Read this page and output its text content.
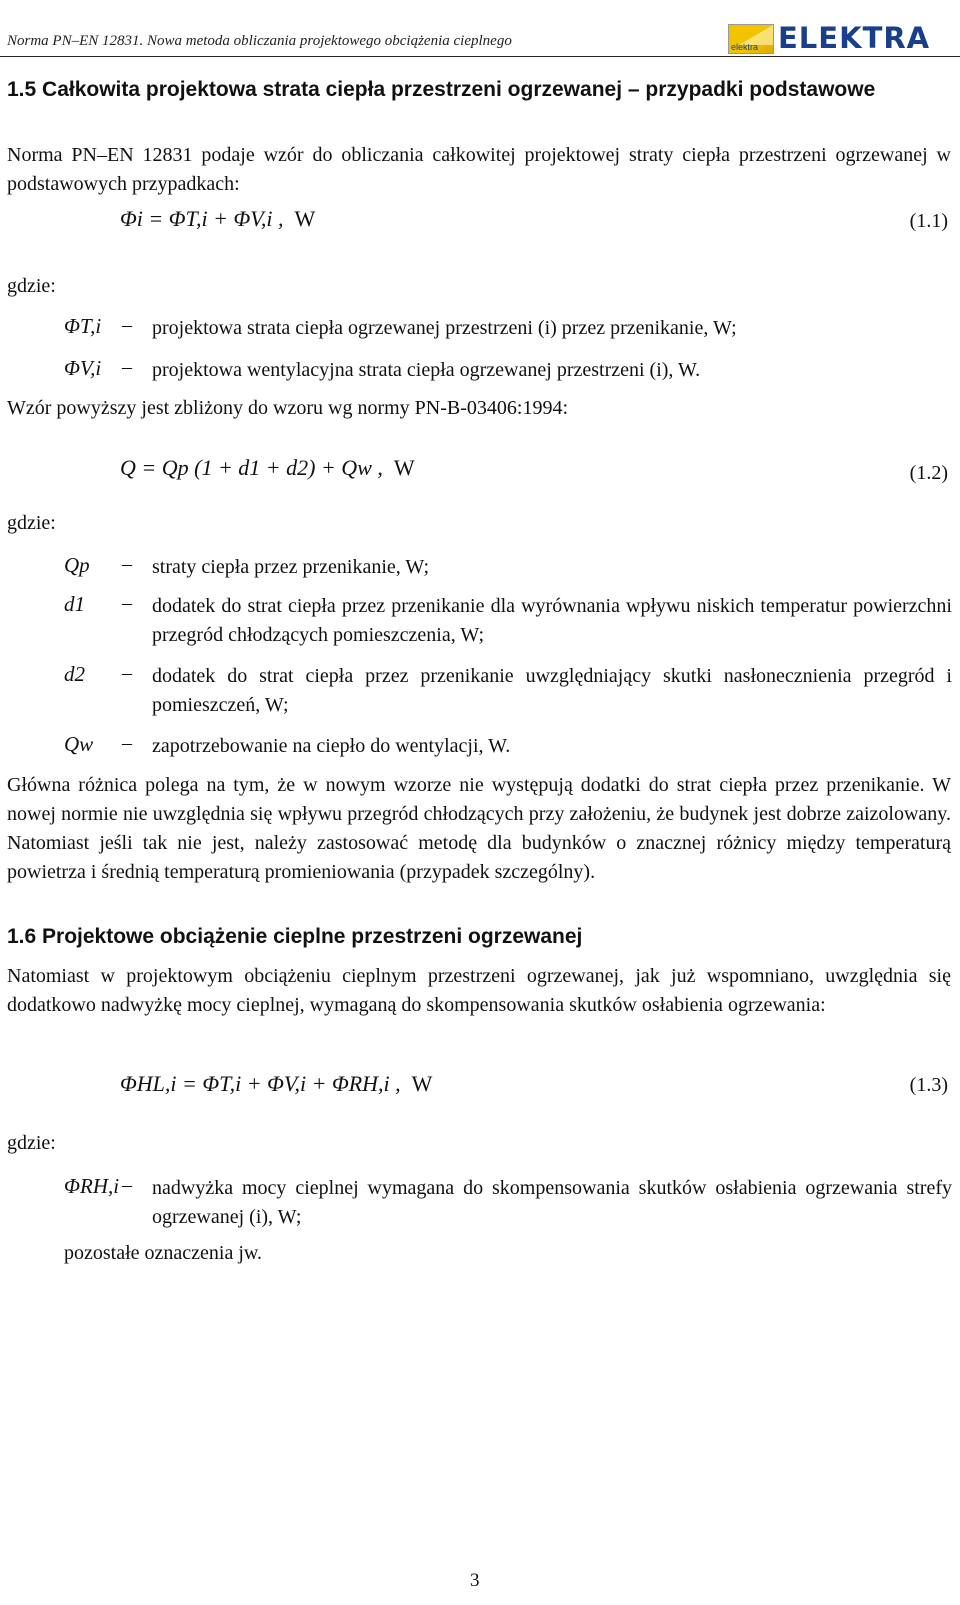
Norma PN–EN 12831. Nowa metoda obliczania projektowego obciążenia cieplnego	elektra ELEKTRA
1.5 Całkowita projektowa strata ciepła przestrzeni ogrzewanej – przypadki podstawowe
Norma PN–EN 12831 podaje wzór do obliczania całkowitej projektowej straty ciepła przestrzeni ogrzewanej w podstawowych przypadkach:
Φi = ΦT,i + ΦV,i , W	(1.1)
gdzie:
ΦT,i – projektowa strata ciepła ogrzewanej przestrzeni (i) przez przenikanie, W;
ΦV,i – projektowa wentylacyjna strata ciepła ogrzewanej przestrzeni (i), W.
Wzór powyższy jest zbliżony do wzoru wg normy PN-B-03406:1994:
Q = Qp (1 + d1 + d2) + Qw , W	(1.2)
gdzie:
Qp – straty ciepła przez przenikanie, W;
d1 – dodatek do strat ciepła przez przenikanie dla wyrównania wpływu niskich temperatur powierzchni przegród chłodzących pomieszczenia, W;
d2 – dodatek do strat ciepła przez przenikanie uwzględniający skutki nasłonecznienia przegród i pomieszczeń, W;
Qw – zapotrzebowanie na ciepło do wentylacji, W.
Główna różnica polega na tym, że w nowym wzorze nie występują dodatki do strat ciepła przez przenikanie. W nowej normie nie uwzględnia się wpływu przegród chłodzących przy założeniu, że budynek jest dobrze zaizolowany. Natomiast jeśli tak nie jest, należy zastosować metodę dla budynków o znacznej różnicy między temperaturą powietrza i średnią temperaturą promieniowania (przypadek szczególny).
1.6 Projektowe obciążenie cieplne przestrzeni ogrzewanej
Natomiast w projektowym obciążeniu cieplnym przestrzeni ogrzewanej, jak już wspomniano, uwzględnia się dodatkowo nadwyżkę mocy cieplnej, wymaganą do skompensowania skutków osłabienia ogrzewania:
ΦHL,i = ΦT,i + ΦV,i + ΦRH,i , W	(1.3)
gdzie:
ΦRH,i – nadwyżka mocy cieplnej wymagana do skompensowania skutków osłabienia ogrzewania strefy ogrzewanej (i), W;
pozostałe oznaczenia jw.
3
